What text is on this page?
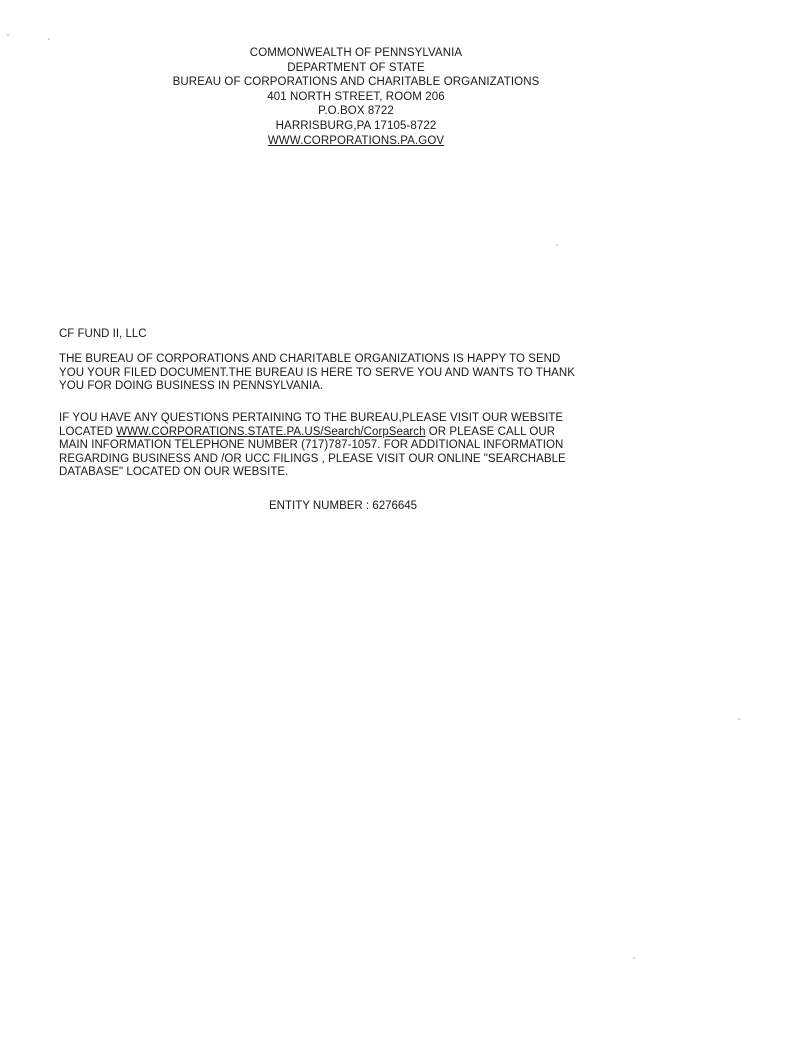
COMMONWEALTH OF PENNSYLVANIA
DEPARTMENT OF STATE
BUREAU OF CORPORATIONS AND CHARITABLE ORGANIZATIONS
401 NORTH STREET, ROOM 206
P.O.BOX 8722
HARRISBURG,PA 17105-8722
WWW.CORPORATIONS.PA.GOV
CF FUND II, LLC
THE BUREAU OF CORPORATIONS AND CHARITABLE ORGANIZATIONS IS HAPPY TO SEND
YOU YOUR FILED DOCUMENT.THE BUREAU IS HERE TO SERVE YOU AND WANTS TO THANK
YOU FOR DOING BUSINESS IN PENNSYLVANIA.
IF YOU HAVE ANY QUESTIONS PERTAINING TO THE BUREAU,PLEASE VISIT OUR WEBSITE
LOCATED WWW.CORPORATIONS.STATE.PA.US/Search/CorpSearch OR PLEASE CALL OUR
MAIN INFORMATION TELEPHONE NUMBER (717)787-1057. FOR ADDITIONAL INFORMATION
REGARDING BUSINESS AND /OR UCC FILINGS , PLEASE VISIT OUR ONLINE "SEARCHABLE
DATABASE" LOCATED ON OUR WEBSITE.
ENTITY NUMBER : 6276645
